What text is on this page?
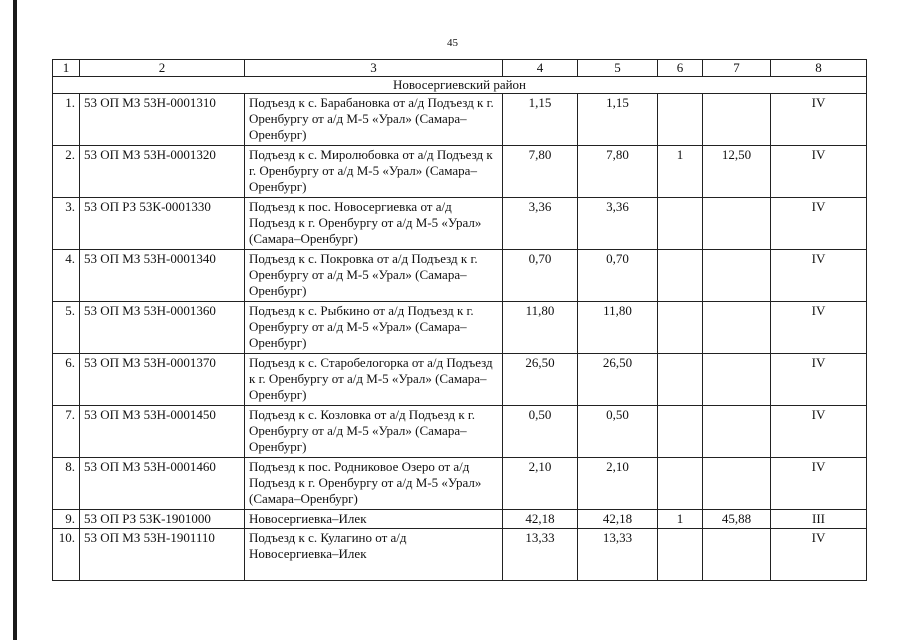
45
1	2	3	4	5	6	7	8
Новосергиевский район							
1.	53 ОП МЗ 53Н-0001310	Подъезд к с. Барабановка от а/д Подъезд к г. Оренбургу от а/д М-5 «Урал» (Самара–Оренбург)	1,15	1,15			IV
2.	53 ОП МЗ 53Н-0001320	Подъезд к с. Миролюбовка от а/д Подъезд к г. Оренбургу от а/д М-5 «Урал» (Самара–Оренбург)	7,80	7,80	1	12,50	IV
3.	53 ОП РЗ 53К-0001330	Подъезд к пос. Новосергиевка от а/д Подъезд к г. Оренбургу от а/д М-5 «Урал» (Самара–Оренбург)	3,36	3,36			IV
4.	53 ОП МЗ 53Н-0001340	Подъезд к с. Покровка от а/д Подъезд к г. Оренбургу от а/д М-5 «Урал» (Самара–Оренбург)	0,70	0,70			IV
5.	53 ОП МЗ 53Н-0001360	Подъезд к с. Рыбкино от а/д Подъезд к г. Оренбургу от а/д М-5 «Урал» (Самара–Оренбург)	11,80	11,80			IV
6.	53 ОП МЗ 53Н-0001370	Подъезд к с. Старобелогорка от а/д Подъезд к г. Оренбургу от а/д М-5 «Урал» (Самара–Оренбург)	26,50	26,50			IV
7.	53 ОП МЗ 53Н-0001450	Подъезд к с. Козловка от а/д Подъезд к г. Оренбургу от а/д М-5 «Урал» (Самара–Оренбург)	0,50	0,50			IV
8.	53 ОП МЗ 53Н-0001460	Подъезд к пос. Родниковое Озеро от а/д Подъезд к г. Оренбургу от а/д М-5 «Урал» (Самара–Оренбург)	2,10	2,10			IV
9.	53 ОП РЗ 53К-1901000	Новосергиевка–Илек	42,18	42,18	1	45,88	III
10.	53 ОП МЗ 53Н-1901110	Подъезд к с. Кулагино от а/д Новосергиевка–Илек	13,33	13,33			IV
